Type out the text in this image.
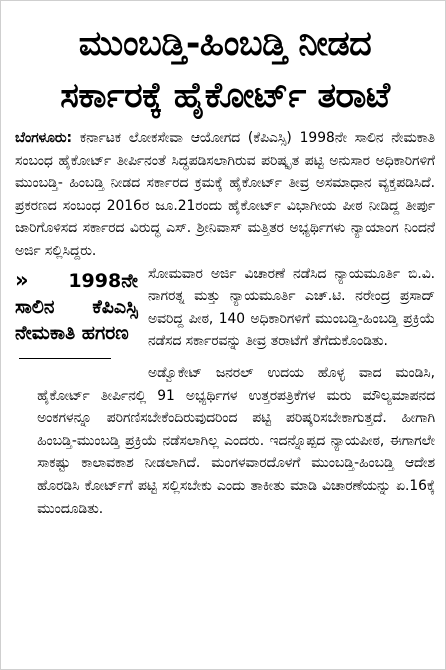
ಮುಂಬಡ್ತಿ-ಹಿಂಬಡ್ತಿ ನೀಡದ
ಸರ್ಕಾರಕ್ಕೆ ಹೈಕೋರ್ಟ್ ತರಾಟೆ

ಬೆಂಗಳೂರು: ಕರ್ನಾಟಕ ಲೋಕಸೇವಾ ಆಯೋಗದ (ಕೆಪಿಎಸ್ಸಿ) 1998ನೇ ಸಾಲಿನ ನೇಮಕಾತಿ ಸಂಬಂಧ ಹೈಕೋರ್ಟ್ ತೀರ್ಪಿನಂತೆ ಸಿದ್ಧಪಡಿಸಲಾಗಿರುವ ಪರಿಷ್ಕೃತ ಪಟ್ಟಿ ಅನುಸಾರ ಅಧಿಕಾರಿಗಳಿಗೆ ಮುಂಬಡ್ತಿ- ಹಿಂಬಡ್ತಿ ನೀಡದ ಸರ್ಕಾರದ ಕ್ರಮಕ್ಕೆ ಹೈಕೋರ್ಟ್ ತೀವ್ರ ಅಸಮಾಧಾನ ವ್ಯಕ್ತಪಡಿಸಿದೆ. ಪ್ರಕರಣದ ಸಂಬಂಧ 2016ರ ಜೂ.21ರಂದು ಹೈಕೋರ್ಟ್ ವಿಭಾಗೀಯ ಪೀಠ ನೀಡಿದ್ದ ತೀರ್ಪು ಜಾರಿಗೊಳಿಸದ ಸರ್ಕಾರದ ವಿರುದ್ಧ ಎಸ್. ಶ್ರೀನಿವಾಸ್ ಮತ್ತಿತರ ಅಭ್ಯರ್ಥಿಗಳು ನ್ಯಾಯಾಂಗ ನಿಂದನೆ ಅರ್ಜಿ ಸಲ್ಲಿಸಿದ್ದರು.

» 1998ನೇ ಸಾಲಿನ ಕೆಪಿಎಸ್ಸಿ ನೇಮಕಾತಿ ಹಗರಣ

ಸೋಮವಾರ ಅರ್ಜಿ ವಿಚಾರಣೆ ನಡೆಸಿದ ನ್ಯಾಯಮೂರ್ತಿ ಬಿ.ವಿ. ನಾಗರತ್ನ ಮತ್ತು ನ್ಯಾಯಮೂರ್ತಿ ಎಚ್.ಟಿ. ನರೇಂದ್ರ ಪ್ರಸಾದ್ ಅವರಿದ್ದ ಪೀಠ, 140 ಅಧಿಕಾರಿಗಳಿಗೆ ಮುಂಬಡ್ತಿ-ಹಿಂಬಡ್ತಿ ಪ್ರಕ್ರಿಯೆ ನಡೆಸದ ಸರ್ಕಾರವನ್ನು ತೀವ್ರ ತರಾಟೆಗೆ ತೆಗೆದುಕೊಂಡಿತು.

ಅಡ್ವೊಕೇಟ್ ಜನರಲ್ ಉದಯ ಹೊಳ್ಳ ವಾದ ಮಂಡಿಸಿ, ಹೈಕೋರ್ಟ್ ತೀರ್ಪಿನಲ್ಲಿ 91 ಅಭ್ಯರ್ಥಿಗಳ ಉತ್ತರಪತ್ರಿಕೆಗಳ ಮರು ಮೌಲ್ಯಮಾಪನದ ಅಂಕಗಳನ್ನೂ ಪರಿಗಣಿಸಬೇಕೆಂದಿರುವುದರಿಂದ ಪಟ್ಟಿ ಪರಿಷ್ಕರಿಸಬೇಕಾಗುತ್ತದೆ. ಹೀಗಾಗಿ ಹಿಂಬಡ್ತಿ-ಮುಂಬಡ್ತಿ ಪ್ರಕ್ರಿಯೆ ನಡೆಸಲಾಗಿಲ್ಲ ಎಂದರು. ಇದನ್ನೊಪ್ಪದ ನ್ಯಾಯಪೀಠ, ಈಗಾಗಲೇ ಸಾಕಷ್ಟು ಕಾಲಾವಕಾಶ ನೀಡಲಾಗಿದೆ. ಮಂಗಳವಾರದೊಳಗೆ ಮುಂಬಡ್ತಿ-ಹಿಂಬಡ್ತಿ ಆದೇಶ ಹೊರಡಿಸಿ ಕೋರ್ಟ್‌ಗೆ ಪಟ್ಟಿ ಸಲ್ಲಿಸಬೇಕು ಎಂದು ತಾಕೀತು ಮಾಡಿ ವಿಚಾರಣೆಯನ್ನು ಏ.16ಕ್ಕೆ ಮುಂದೂಡಿತು.
